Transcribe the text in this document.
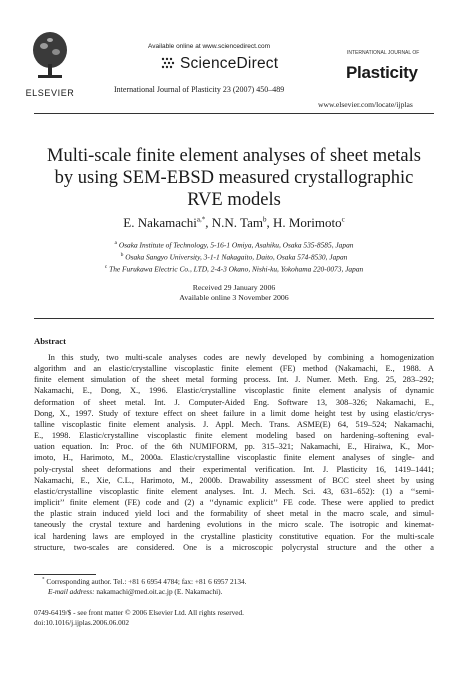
ELSEVIER
Available online at www.sciencedirect.com
ScienceDirect
INTERNATIONAL JOURNAL OF
Plasticity
International Journal of Plasticity 23 (2007) 450–489
www.elsevier.com/locate/ijplas
Multi-scale finite element analyses of sheet metals
by using SEM-EBSD measured crystallographic
RVE models
E. Nakamachi$^{a,*}$, N.N. Tam$^b$, H. Morimoto$^c$
$^a$ Osaka Institute of Technology, 5-16-1 Omiya, Asahiku, Osaka 535-8585, Japan
$^b$ Osaka Sangyo University, 3-1-1 Nakagaito, Daito, Osaka 574-8530, Japan
$^c$ The Furukawa Electric Co., LTD, 2-4-3 Okano, Nishi-ku, Yokohama 220-0073, Japan
Received 29 January 2006
Available online 3 November 2006
Abstract
In this study, two multi-scale analyses codes are newly developed by combining a homogenization
algorithm and an elastic/crystalline viscoplastic finite element (FE) method (Nakamachi, E., 1988. A
finite element simulation of the sheet metal forming process. Int. J. Numer. Meth. Eng. 25, 283–292;
Nakamachi, E., Dong, X., 1996. Elastic/crystalline viscoplastic finite element analysis of dynamic
deformation of sheet metal. Int. J. Computer-Aided Eng. Software 13, 308–326; Nakamachi, E.,
Dong, X., 1997. Study of texture effect on sheet failure in a limit dome height test by using elastic/crys-
talline viscoplastic finite element analysis. J. Appl. Mech. Trans. ASME(E) 64, 519–524; Nakamachi,
E., 1998. Elastic/crystalline viscoplastic finite element modeling based on hardening–softening eval-
uation equation. In: Proc. of the 6th NUMIFORM, pp. 315–321; Nakamachi, E., Hiraiwa, K., Mor-
imoto, H., Harimoto, M., 2000a. Elastic/crystalline viscoplastic finite element analyses of single- and
poly-crystal sheet deformations and their experimental verification. Int. J. Plasticity 16, 1419–1441;
Nakamachi, E., Xie, C.L., Harimoto, M., 2000b. Drawability assessment of BCC steel sheet by using
elastic/crystalline viscoplastic finite element analyses. Int. J. Mech. Sci. 43, 631–652): (1) a ‘‘semi-
implicit’’ finite element (FE) code and (2) a ‘‘dynamic explicit’’ FE code. These were applied to predict
the plastic strain induced yield loci and the formability of sheet metal in the macro scale, and simul-
taneously the crystal texture and hardening evolutions in the micro scale. The isotropic and kinemat-
ical hardening laws are employed in the crystalline plasticity constitutive equation. For the multi-scale
structure, two-scales are considered. One is a microscopic polycrystal structure and the other a
* Corresponding author. Tel.: +81 6 6954 4784; fax: +81 6 6957 2134.
E-mail address: nakamachi@med.oit.ac.jp (E. Nakamachi).
0749-6419/$ - see front matter © 2006 Elsevier Ltd. All rights reserved.
doi:10.1016/j.ijplas.2006.06.002
